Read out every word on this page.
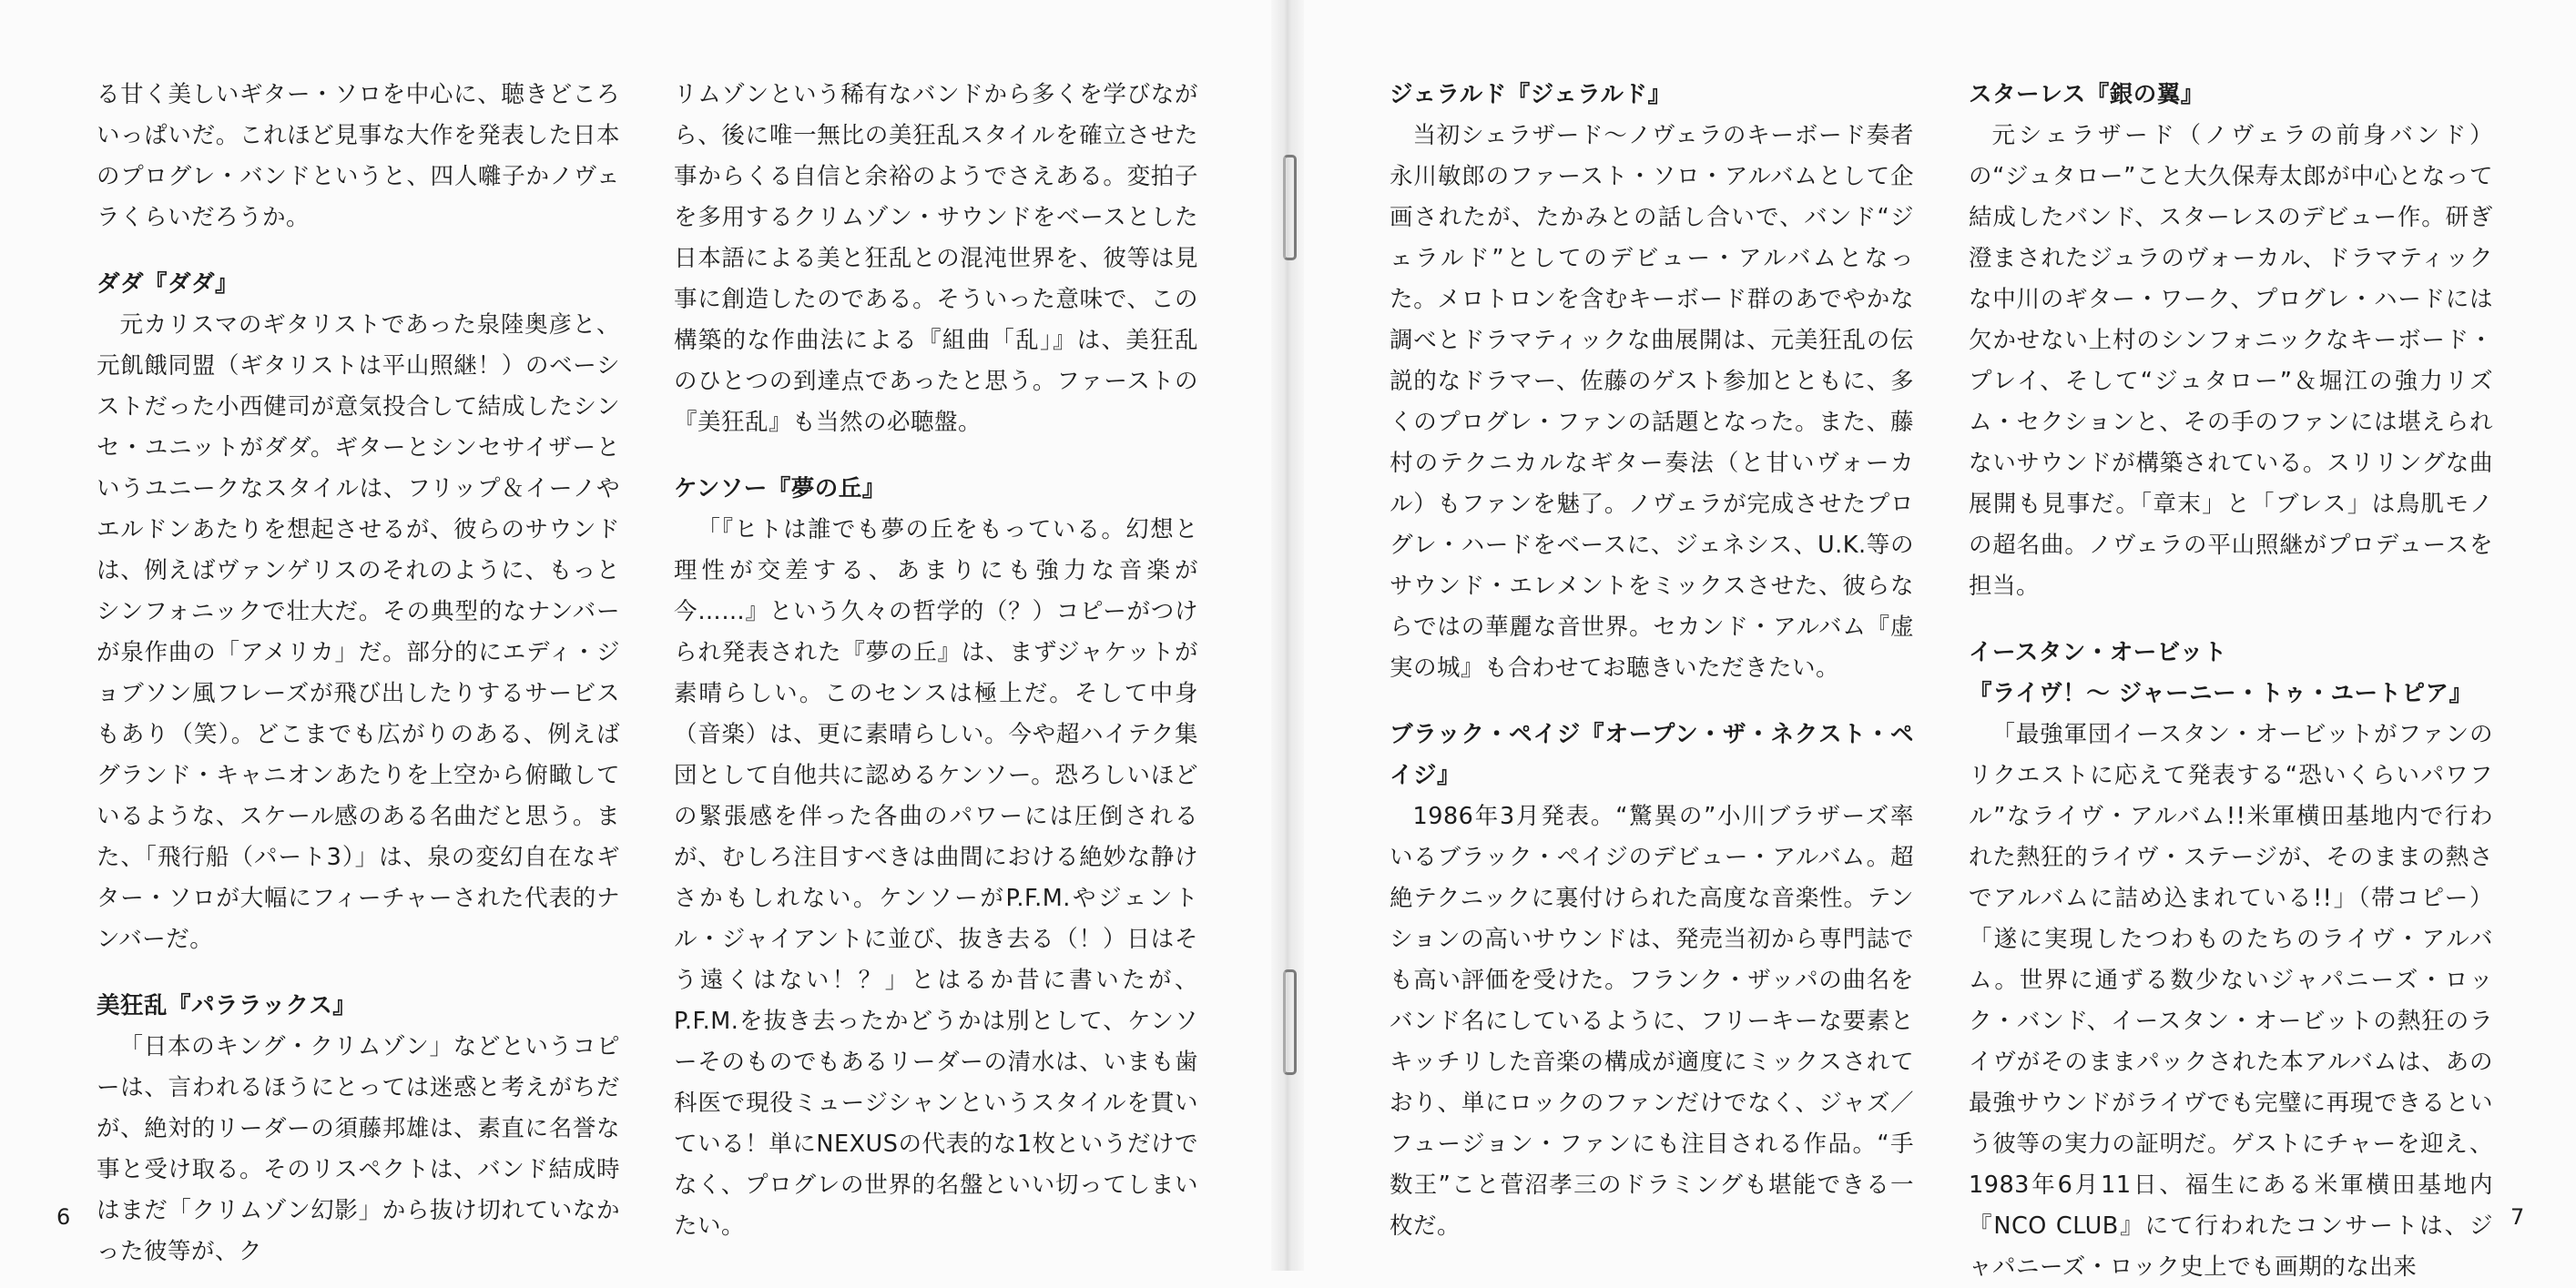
る甘く美しいギター・ソロを中心に、聴きどころいっぱいだ。これほど見事な大作を発表した日本のプログレ・バンドというと、四人囃子かノヴェラくらいだろうか。

ダダ『ダダ』

元カリスマのギタリストであった泉陸奥彦と、元飢餓同盟（ギタリストは平山照継！）のベーシストだった小西健司が意気投合して結成したシンセ・ユニットがダダ。ギターとシンセサイザーというユニークなスタイルは、フリップ＆イーノやエルドンあたりを想起させるが、彼らのサウンドは、例えばヴァンゲリスのそれのように、もっとシンフォニックで壮大だ。その典型的なナンバーが泉作曲の「アメリカ」だ。部分的にエディ・ジョブソン風フレーズが飛び出したりするサービスもあり（笑）。どこまでも広がりのある、例えばグランド・キャニオンあたりを上空から俯瞰しているような、スケール感のある名曲だと思う。また、「飛行船（パート3）」は、泉の変幻自在なギター・ソロが大幅にフィーチャーされた代表的ナンバーだ。

美狂乱『パララックス』

「日本のキング・クリムゾン」などというコピーは、言われるほうにとっては迷惑と考えがちだが、絶対的リーダーの須藤邦雄は、素直に名誉な事と受け取る。そのリスペクトは、バンド結成時はまだ「クリムゾン幻影」から抜け切れていなかった彼等が、ク

リムゾンという稀有なバンドから多くを学びながら、後に唯一無比の美狂乱スタイルを確立させた事からくる自信と余裕のようでさえある。変拍子を多用するクリムゾン・サウンドをベースとした日本語による美と狂乱との混沌世界を、彼等は見事に創造したのである。そういった意味で、この構築的な作曲法による『組曲「乱」』は、美狂乱のひとつの到達点であったと思う。ファーストの『美狂乱』も当然の必聴盤。

ケンソー『夢の丘』

「『ヒトは誰でも夢の丘をもっている。幻想と理性が交差する、あまりにも強力な音楽が今……』という久々の哲学的（？）コピーがつけられ発表された『夢の丘』は、まずジャケットが素晴らしい。このセンスは極上だ。そして中身（音楽）は、更に素晴らしい。今や超ハイテク集団として自他共に認めるケンソー。恐ろしいほどの緊張感を伴った各曲のパワーには圧倒されるが、むしろ注目すべきは曲間における絶妙な静けさかもしれない。ケンソーがP.F.M.やジェントル・ジャイアントに並び、抜き去る（！）日はそう遠くはない！？」とはるか昔に書いたが、P.F.M.を抜き去ったかどうかは別として、ケンソーそのものでもあるリーダーの清水は、いまも歯科医で現役ミュージシャンというスタイルを貫いている！単にNEXUSの代表的な1枚というだけでなく、プログレの世界的名盤といい切ってしまいたい。

ジェラルド『ジェラルド』

当初シェラザード～ノヴェラのキーボード奏者永川敏郎のファースト・ソロ・アルバムとして企画されたが、たかみとの話し合いで、バンド“ジェラルド”としてのデビュー・アルバムとなった。メロトロンを含むキーボード群のあでやかな調べとドラマティックな曲展開は、元美狂乱の伝説的なドラマー、佐藤のゲスト参加とともに、多くのプログレ・ファンの話題となった。また、藤村のテクニカルなギター奏法（と甘いヴォーカル）もファンを魅了。ノヴェラが完成させたプログレ・ハードをベースに、ジェネシス、U.K.等のサウンド・エレメントをミックスさせた、彼らならではの華麗な音世界。セカンド・アルバム『虚実の城』も合わせてお聴きいただきたい。

ブラック・ペイジ『オープン・ザ・ネクスト・ペイジ』

1986年3月発表。“驚異の”小川ブラザーズ率いるブラック・ペイジのデビュー・アルバム。超絶テクニックに裏付けられた高度な音楽性。テンションの高いサウンドは、発売当初から専門誌でも高い評価を受けた。フランク・ザッパの曲名をバンド名にしているように、フリーキーな要素とキッチリした音楽の構成が適度にミックスされており、単にロックのファンだけでなく、ジャズ／フュージョン・ファンにも注目される作品。“手数王”こと菅沼孝三のドラミングも堪能できる一枚だ。

スターレス『銀の翼』

元シェラザード（ノヴェラの前身バンド）の“ジュタロー”こと大久保寿太郎が中心となって結成したバンド、スターレスのデビュー作。研ぎ澄まされたジュラのヴォーカル、ドラマティックな中川のギター・ワーク、プログレ・ハードには欠かせない上村のシンフォニックなキーボード・プレイ、そして“ジュタロー”＆堀江の強力リズム・セクションと、その手のファンには堪えられないサウンドが構築されている。スリリングな曲展開も見事だ。「章末」と「ブレス」は鳥肌モノの超名曲。ノヴェラの平山照継がプロデュースを担当。

イースタン・オービット
『ライヴ！～ ジャーニー・トゥ・ユートピア』

「最強軍団イースタン・オービットがファンのリクエストに応えて発表する“恐いくらいパワフル”なライヴ・アルバム!!米軍横田基地内で行われた熱狂的ライヴ・ステージが、そのままの熱さでアルバムに詰め込まれている!!」（帯コピー）「遂に実現したつわものたちのライヴ・アルバム。世界に通ずる数少ないジャパニーズ・ロック・バンド、イースタン・オービットの熱狂のライヴがそのままパックされた本アルバムは、あの最強サウンドがライヴでも完璧に再現できるという彼等の実力の証明だ。ゲストにチャーを迎え、1983年6月11日、福生にある米軍横田基地内『NCO CLUB』にて行われたコンサートは、ジャパニーズ・ロック史上でも画期的な出来

6	7
